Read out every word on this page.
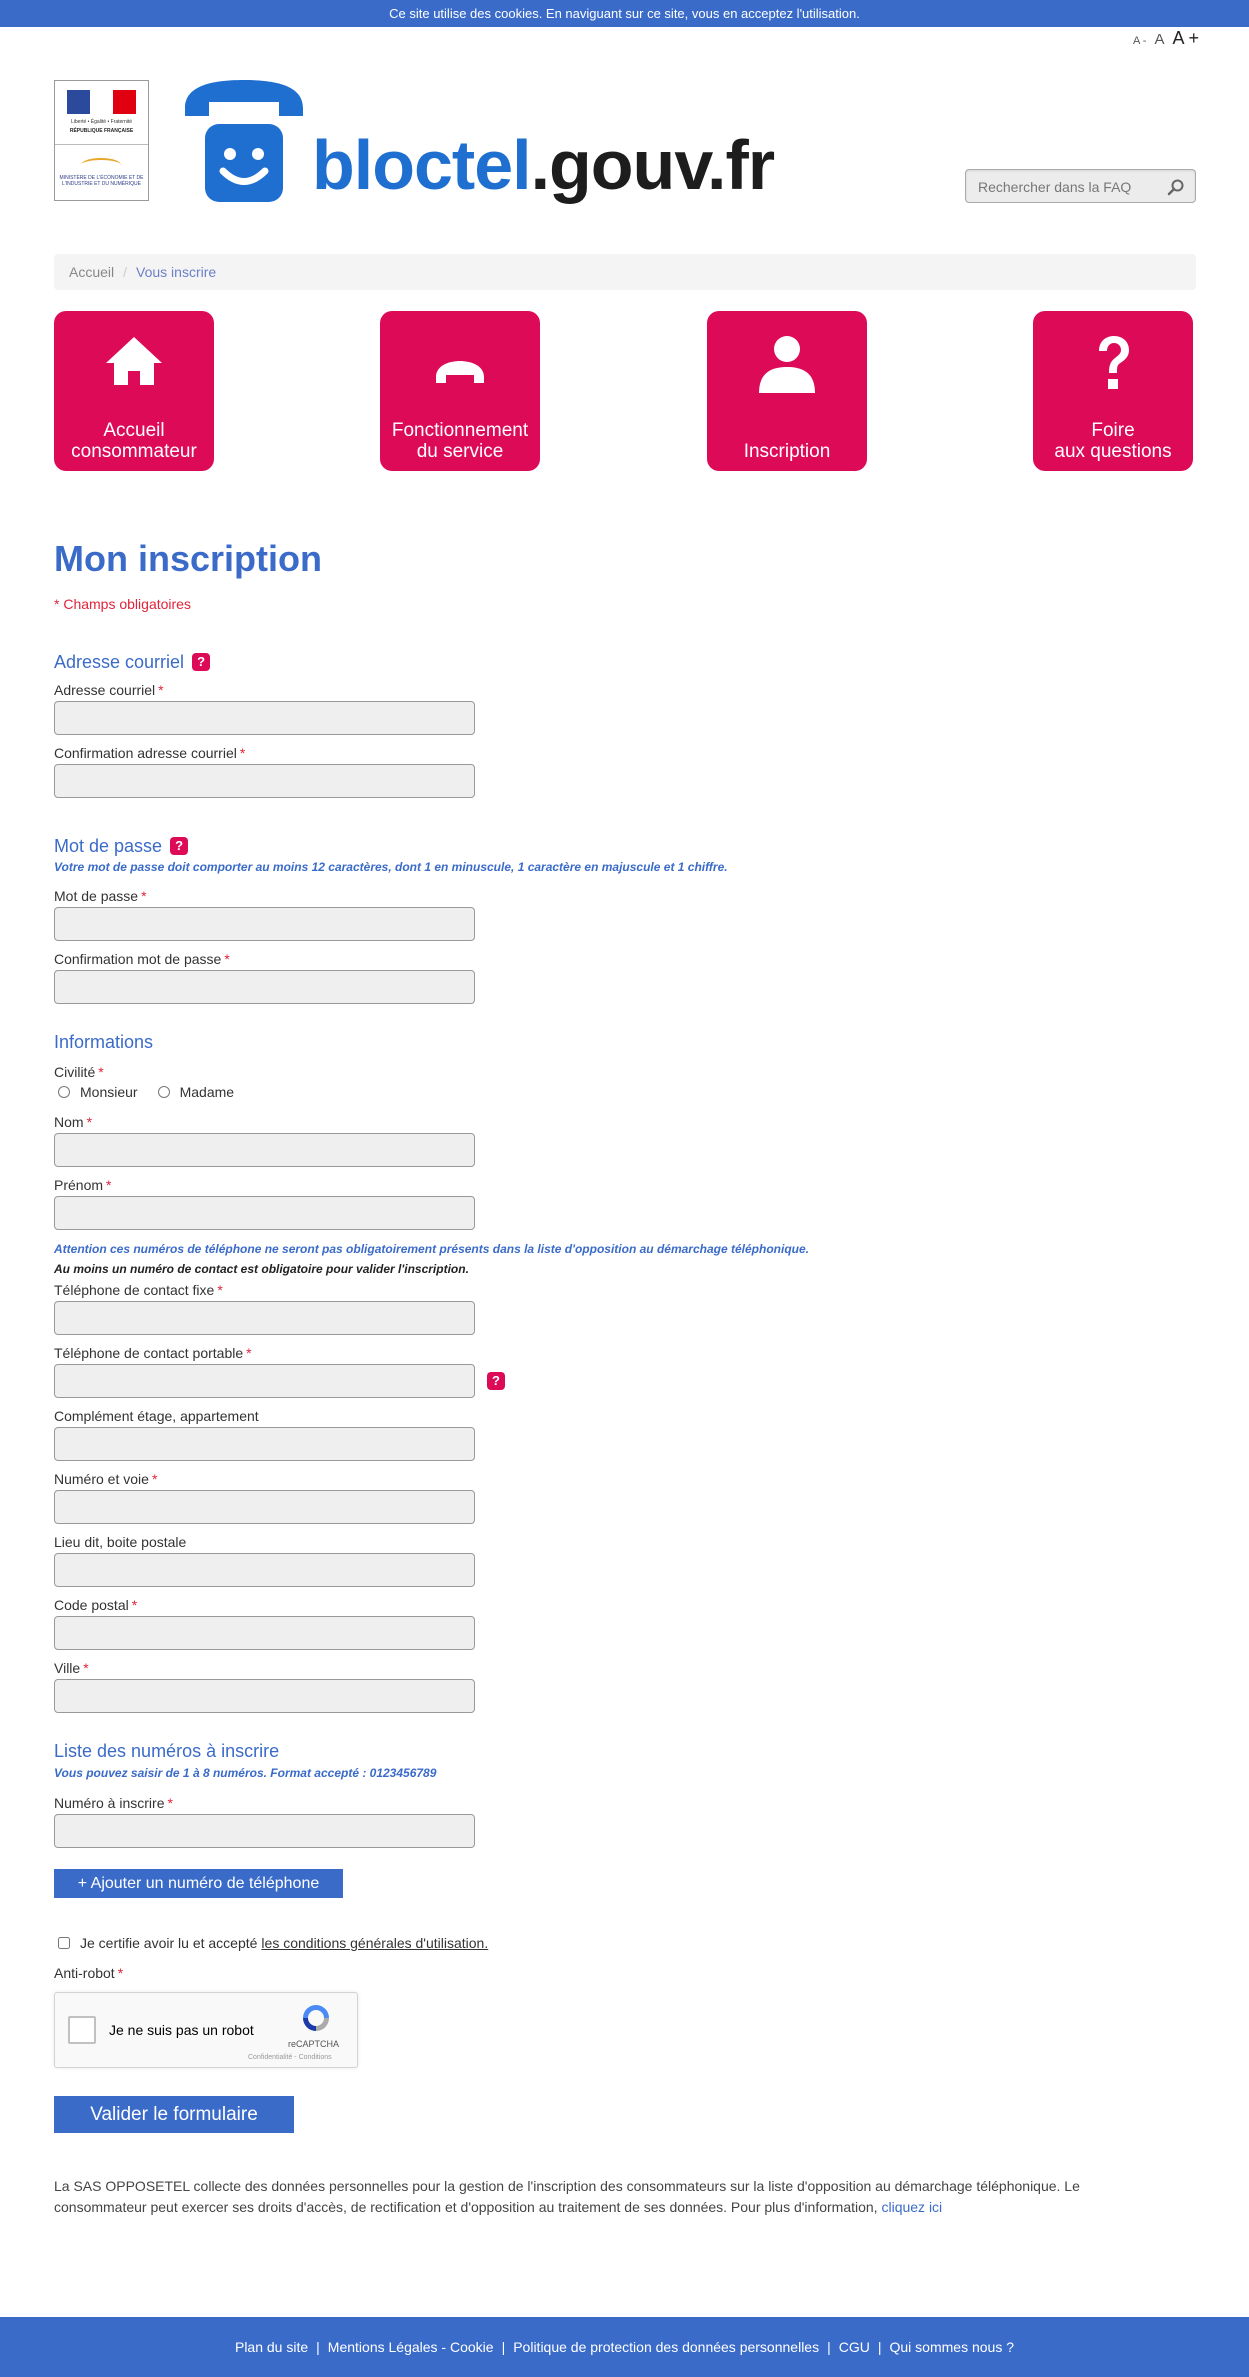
Ce site utilise des cookies. En naviguant sur ce site, vous en acceptez l'utilisation.
A - A A +
Liberté • Égalité • Fraternité
RÉPUBLIQUE FRANÇAISE
MINISTÈRE DE L'ÉCONOMIE ET DE L'INDUSTRIE ET DU NUMÉRIQUE bloctel.gouv.fr
Rechercher dans la FAQ
Accueil / Vous inscrire
Accueil
consommateur
Fonctionnement
du service	Inscription
Foire
aux questions
Mon inscription
* Champs obligatoires
Adresse courriel ?
Adresse courriel *
Confirmation adresse courriel *
Mot de passe ?
Votre mot de passe doit comporter au moins 12 caractères, dont 1 en minuscule, 1 caractère en majuscule et 1 chiffre.
Mot de passe *
Confirmation mot de passe *
Informations
Civilité *
Monsieur	Madame
Nom *
Prénom *
Attention ces numéros de téléphone ne seront pas obligatoirement présents dans la liste d'opposition au démarchage téléphonique.
Au moins un numéro de contact est obligatoire pour valider l'inscription.
Téléphone de contact fixe *
Téléphone de contact portable *
?
Complément étage, appartement
Numéro et voie *
Lieu dit, boite postale
Code postal *
Ville *
Liste des numéros à inscrire
Vous pouvez saisir de 1 à 8 numéros. Format accepté : 0123456789
Numéro à inscrire *
+ Ajouter un numéro de téléphone
Je certifie avoir lu et accepté les conditions générales d'utilisation.
Anti-robot *
Je ne suis pas un robot
reCAPTCHA
Confidentialité - Conditions
Valider le formulaire
La SAS OPPOSETEL collecte des données personnelles pour la gestion de l'inscription des consommateurs sur la liste d'opposition au démarchage téléphonique. Le consommateur peut exercer ses droits d'accès, de rectification et d'opposition au traitement de ses données. Pour plus d'information, cliquez ici
Plan du site | Mentions Légales - Cookie | Politique de protection des données personnelles | CGU | Qui sommes nous ?
